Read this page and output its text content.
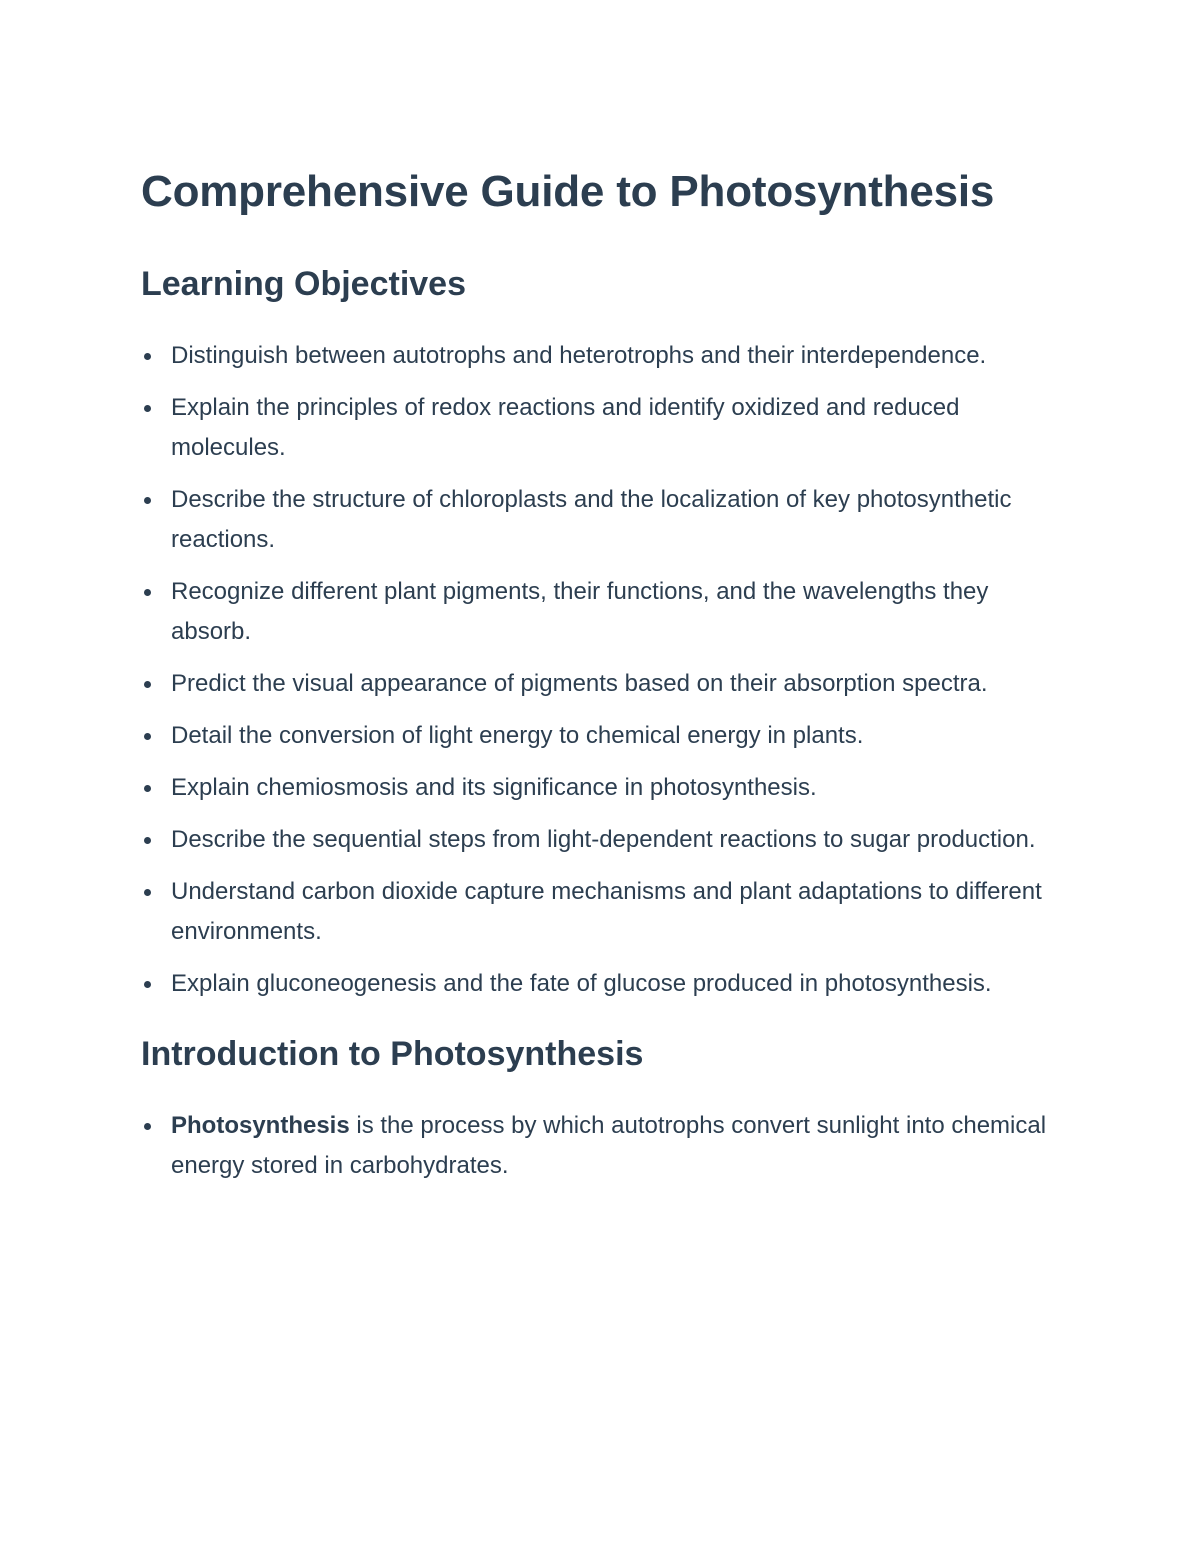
Comprehensive Guide to Photosynthesis
Learning Objectives
Distinguish between autotrophs and heterotrophs and their interdependence.
Explain the principles of redox reactions and identify oxidized and reduced molecules.
Describe the structure of chloroplasts and the localization of key photosynthetic reactions.
Recognize different plant pigments, their functions, and the wavelengths they absorb.
Predict the visual appearance of pigments based on their absorption spectra.
Detail the conversion of light energy to chemical energy in plants.
Explain chemiosmosis and its significance in photosynthesis.
Describe the sequential steps from light-dependent reactions to sugar production.
Understand carbon dioxide capture mechanisms and plant adaptations to different environments.
Explain gluconeogenesis and the fate of glucose produced in photosynthesis.
Introduction to Photosynthesis
Photosynthesis is the process by which autotrophs convert sunlight into chemical energy stored in carbohydrates.
